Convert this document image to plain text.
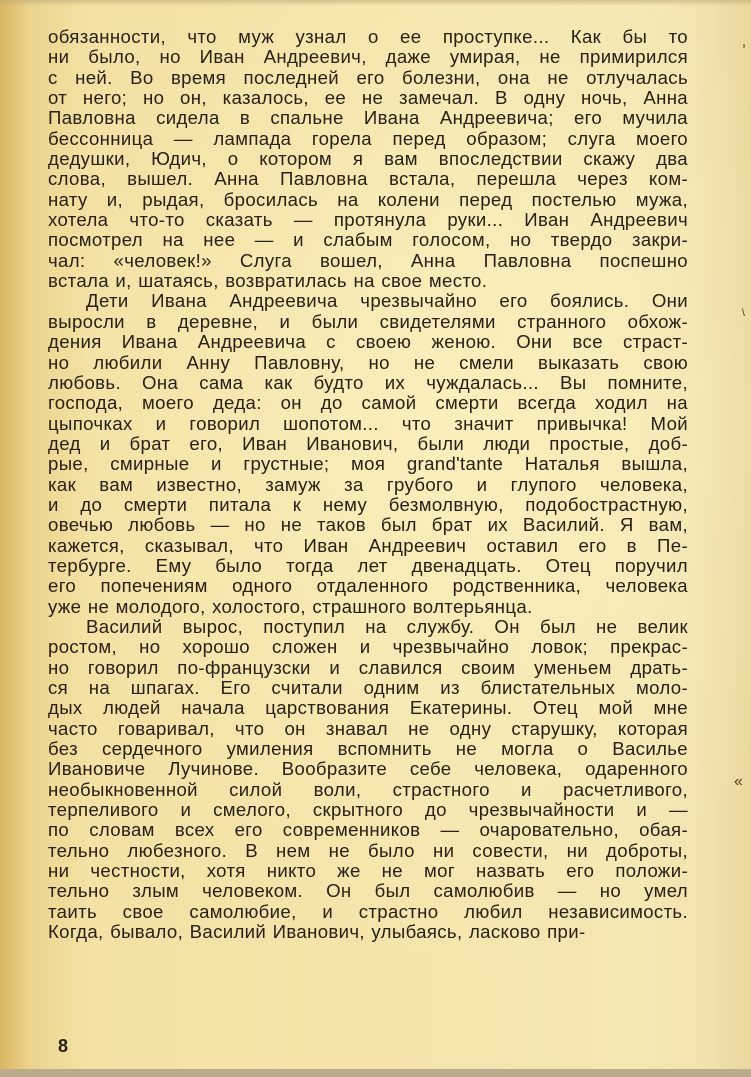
обязанности, что муж узнал о ее проступке... Как бы то
ни было, но Иван Андреевич, даже умирая, не примирился
с ней. Во время последней его болезни, она не отлучалась
от него; но он, казалось, ее не замечал. В одну ночь, Анна
Павловна сидела в спальне Ивана Андреевича; его мучила
бессонница — лампада горела перед образом; слуга моего
дедушки, Юдич, о котором я вам впоследствии скажу два
слова, вышел. Анна Павловна встала, перешла через ком-
нату и, рыдая, бросилась на колени перед постелью мужа,
хотела что-то сказать — протянула руки... Иван Андреевич
посмотрел на нее — и слабым голосом, но твердо закри-
чал: «человек!» Слуга вошел, Анна Павловна поспешно
встала и, шатаясь, возвратилась на свое место.

Дети Ивана Андреевича чрезвычайно его боялись. Они
выросли в деревне, и были свидетелями странного обхож-
дения Ивана Андреевича с своею женою. Они все страст-
но любили Анну Павловну, но не смели выказать свою
любовь. Она сама как будто их чуждалась... Вы помните,
господа, моего деда: он до самой смерти всегда ходил на
цыпочках и говорил шопотом... что значит привычка! Мой
дед и брат его, Иван Иванович, были люди простые, доб-
рые, смирные и грустные; моя grand'tante Наталья вышла,
как вам известно, замуж за грубого и глупого человека,
и до смерти питала к нему безмолвную, подобострастную,
овечью любовь — но не таков был брат их Василий. Я вам,
кажется, сказывал, что Иван Андреевич оставил его в Пе-
тербурге. Ему было тогда лет двенадцать. Отец поручил
его попечениям одного отдаленного родственника, человека
уже не молодого, холостого, страшного волтерьянца.

Василий вырос, поступил на службу. Он был не велик
ростом, но хорошо сложен и чрезвычайно ловок; прекрас-
но говорил по-французски и славился своим уменьем драть-
ся на шпагах. Его считали одним из блистательных моло-
дых людей начала царствования Екатерины. Отец мой мне
часто говаривал, что он знавал не одну старушку, которая
без сердечного умиления вспомнить не могла о Василье
Ивановиче Лучинове. Вообразите себе человека, одаренного
необыкновенной силой воли, страстного и расчетливого,
терпеливого и смелого, скрытного до чрезвычайности и —
по словам всех его современников — очаровательно, обая-
тельно любезного. В нем не было ни совести, ни доброты,
ни честности, хотя никто же не мог назвать его положи-
тельно злым человеком. Он был самолюбив — но умел
таить свое самолюбие, и страстно любил независимость.
Когда, бывало, Василий Иванович, улыбаясь, ласково при-

,
\
«
8
